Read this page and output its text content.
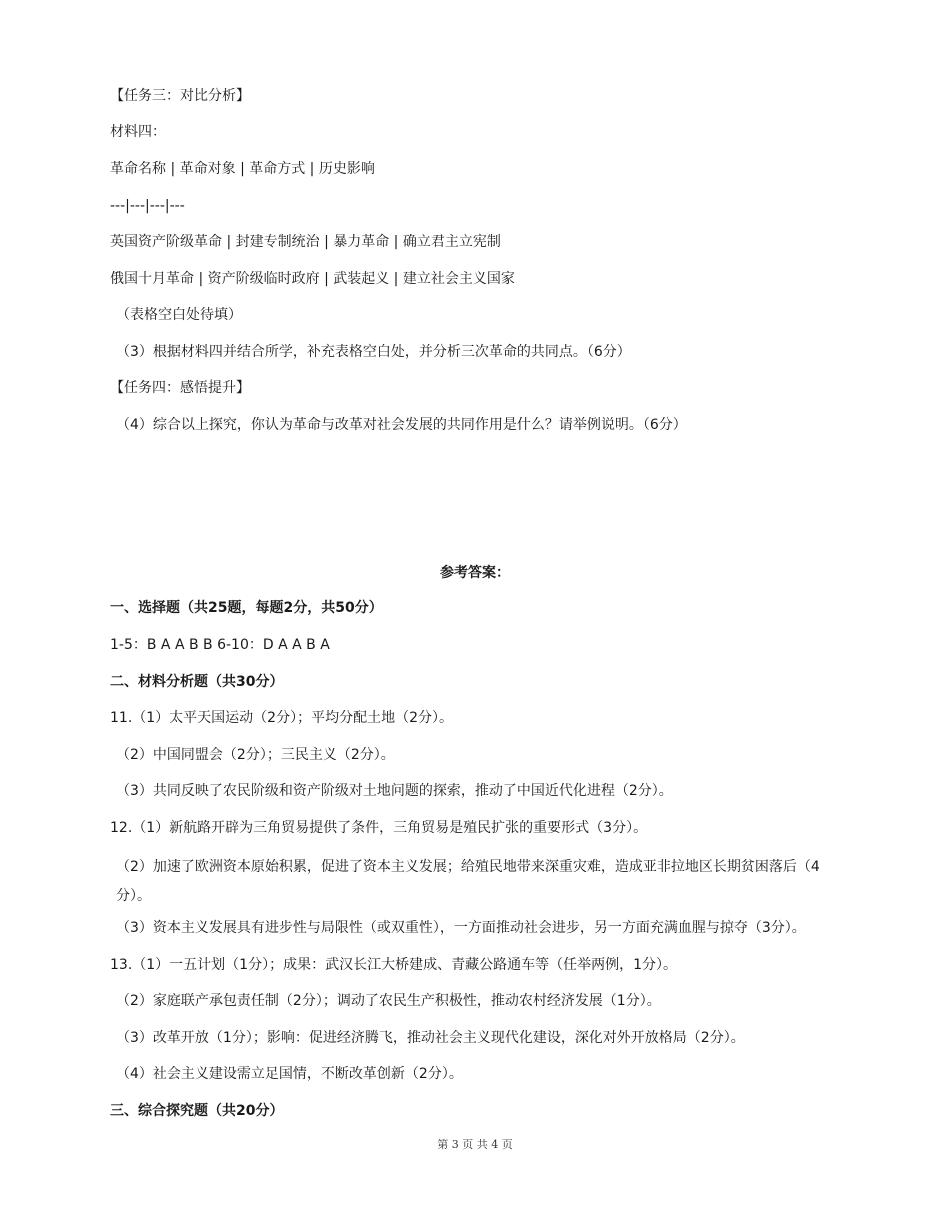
【任务三：对比分析】
材料四：
革命名称 | 革命对象 | 革命方式 | 历史影响
---|---|---|---
英国资产阶级革命 | 封建专制统治 | 暴力革命 | 确立君主立宪制
俄国十月革命 | 资产阶级临时政府 | 武装起义 | 建立社会主义国家
（表格空白处待填）
（3）根据材料四并结合所学，补充表格空白处，并分析三次革命的共同点。（6分）
【任务四：感悟提升】
（4）综合以上探究，你认为革命与改革对社会发展的共同作用是什么？请举例说明。（6分）
参考答案：
一、选择题（共25题，每题2分，共50分）
1-5：B A A B B 6-10：D A A B A
二、材料分析题（共30分）
11.（1）太平天国运动（2分）；平均分配土地（2分）。
（2）中国同盟会（2分）；三民主义（2分）。
（3）共同反映了农民阶级和资产阶级对土地问题的探索，推动了中国近代化进程（2分）。
12.（1）新航路开辟为三角贸易提供了条件，三角贸易是殖民扩张的重要形式（3分）。
（2）加速了欧洲资本原始积累，促进了资本主义发展；给殖民地带来深重灾难，造成亚非拉地区长期贫困落后（4分）。
（3）资本主义发展具有进步性与局限性（或双重性），一方面推动社会进步，另一方面充满血腥与掠夺（3分）。
13.（1）一五计划（1分）；成果：武汉长江大桥建成、青藏公路通车等（任举两例，1分）。
（2）家庭联产承包责任制（2分）；调动了农民生产积极性，推动农村经济发展（1分）。
（3）改革开放（1分）；影响：促进经济腾飞，推动社会主义现代化建设，深化对外开放格局（2分）。
（4）社会主义建设需立足国情，不断改革创新（2分）。
三、综合探究题（共20分）
第 3 页 共 4 页
